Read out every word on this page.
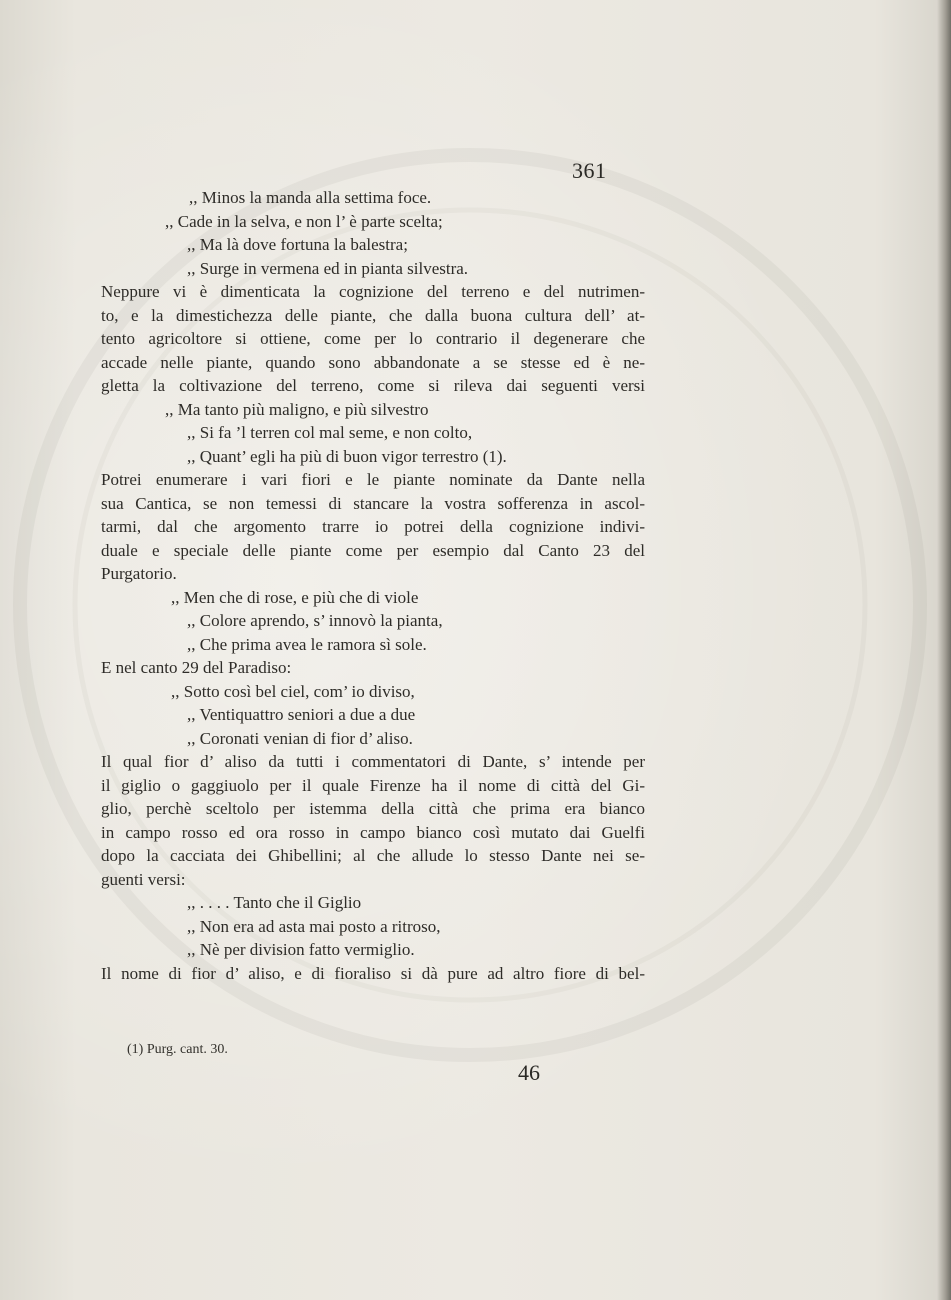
361
,, Minos la manda alla settima foce.
,, Cade in la selva, e non l’ è parte scelta;
,, Ma là dove fortuna la balestra;
,, Surge in vermena ed in pianta silvestra.
Neppure vi è dimenticata la cognizione del terreno e del nutrimen-
to, e la dimestichezza delle piante, che dalla buona cultura dell’ at-
tento agricoltore si ottiene, come per lo contrario il degenerare che
accade nelle piante, quando sono abbandonate a se stesse ed è ne-
gletta la coltivazione del terreno, come si rileva dai seguenti versi
,, Ma tanto più maligno, e più silvestro
,, Si fa ’l terren col mal seme, e non colto,
,, Quant’ egli ha più di buon vigor terrestro (1).
Potrei enumerare i vari fiori e le piante nominate da Dante nella
sua Cantica, se non temessi di stancare la vostra sofferenza in ascol-
tarmi, dal che argomento trarre io potrei della cognizione indivi-
duale e speciale delle piante come per esempio dal Canto 23 del
Purgatorio.
,, Men che di rose, e più che di viole
,, Colore aprendo, s’ innovò la pianta,
,, Che prima avea le ramora sì sole.
E nel canto 29 del Paradiso:
,, Sotto così bel ciel, com’ io diviso,
,, Ventiquattro seniori a due a due
,, Coronati venian di fior d’ aliso.
Il qual fior d’ aliso da tutti i commentatori di Dante, s’ intende per
il giglio o gaggiuolo per il quale Firenze ha il nome di città del Gi-
glio, perchè sceltolo per istemma della città che prima era bianco
in campo rosso ed ora rosso in campo bianco così mutato dai Guelfi
dopo la cacciata dei Ghibellini; al che allude lo stesso Dante nei se-
guenti versi:
,, . . . . Tanto che il Giglio
,, Non era ad asta mai posto a ritroso,
,, Nè per division fatto vermiglio.
Il nome di fior d’ aliso, e di fioraliso si dà pure ad altro fiore di bel-
(1) Purg. cant. 30.
46
